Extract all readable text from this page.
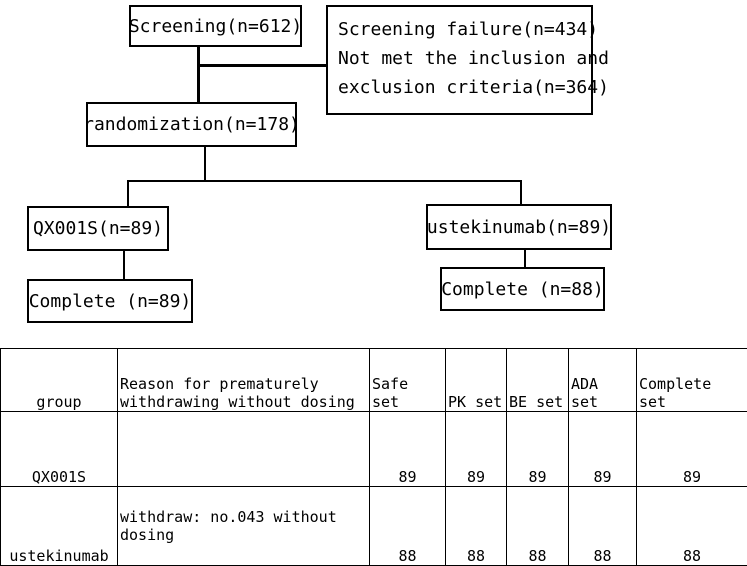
Screening(n=612) Screening failure(n=434)
Not met the inclusion and
exclusion criteria(n=364)
randomization(n=178)
QX001S(n=89)
Complete (n=89)
ustekinumab(n=89)
Complete (n=88)
group	Reason for prematurely
withdrawing without dosing	Safe set	PK set	BE set	ADA set	Complete set
QX001S		89	89	89	89	89
ustekinumab	withdraw: no.043 without dosing	88	88	88	88	88
